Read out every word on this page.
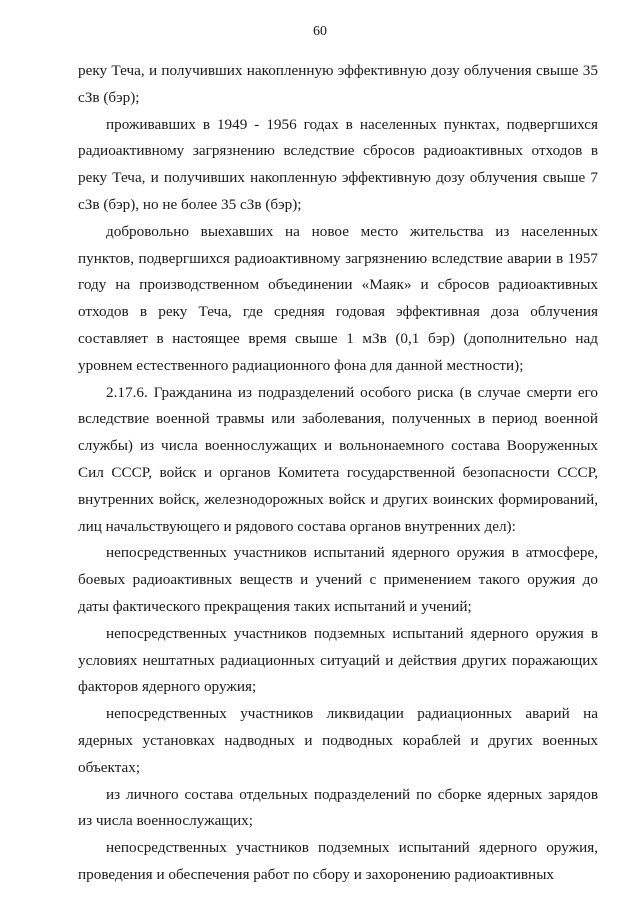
60

реку Теча, и получивших накопленную эффективную дозу облучения свыше 35 сЗв (бэр);

проживавших в 1949 - 1956 годах в населенных пунктах, подвергшихся радиоактивному загрязнению вследствие сбросов радиоактивных отходов в реку Теча, и получивших накопленную эффективную дозу облучения свыше 7 сЗв (бэр), но не более 35 сЗв (бэр);

добровольно выехавших на новое место жительства из населенных пунктов, подвергшихся радиоактивному загрязнению вследствие аварии в 1957 году на производственном объединении «Маяк» и сбросов радиоактивных отходов в реку Теча, где средняя годовая эффективная доза облучения составляет в настоящее время свыше 1 мЗв (0,1 бэр) (дополнительно над уровнем естественного радиационного фона для данной местности);

2.17.6. Гражданина из подразделений особого риска (в случае смерти его вследствие военной травмы или заболевания, полученных в период военной службы) из числа военнослужащих и вольнонаемного состава Вооруженных Сил СССР, войск и органов Комитета государственной безопасности СССР, внутренних войск, железнодорожных войск и других воинских формирований, лиц начальствующего и рядового состава органов внутренних дел):

непосредственных участников испытаний ядерного оружия в атмосфере, боевых радиоактивных веществ и учений с применением такого оружия до даты фактического прекращения таких испытаний и учений;

непосредственных участников подземных испытаний ядерного оружия в условиях нештатных радиационных ситуаций и действия других поражающих факторов ядерного оружия;

непосредственных участников ликвидации радиационных аварий на ядерных установках надводных и подводных кораблей и других военных объектах;

из личного состава отдельных подразделений по сборке ядерных зарядов из числа военнослужащих;

непосредственных участников подземных испытаний ядерного оружия, проведения и обеспечения работ по сбору и захоронению радиоактивных
